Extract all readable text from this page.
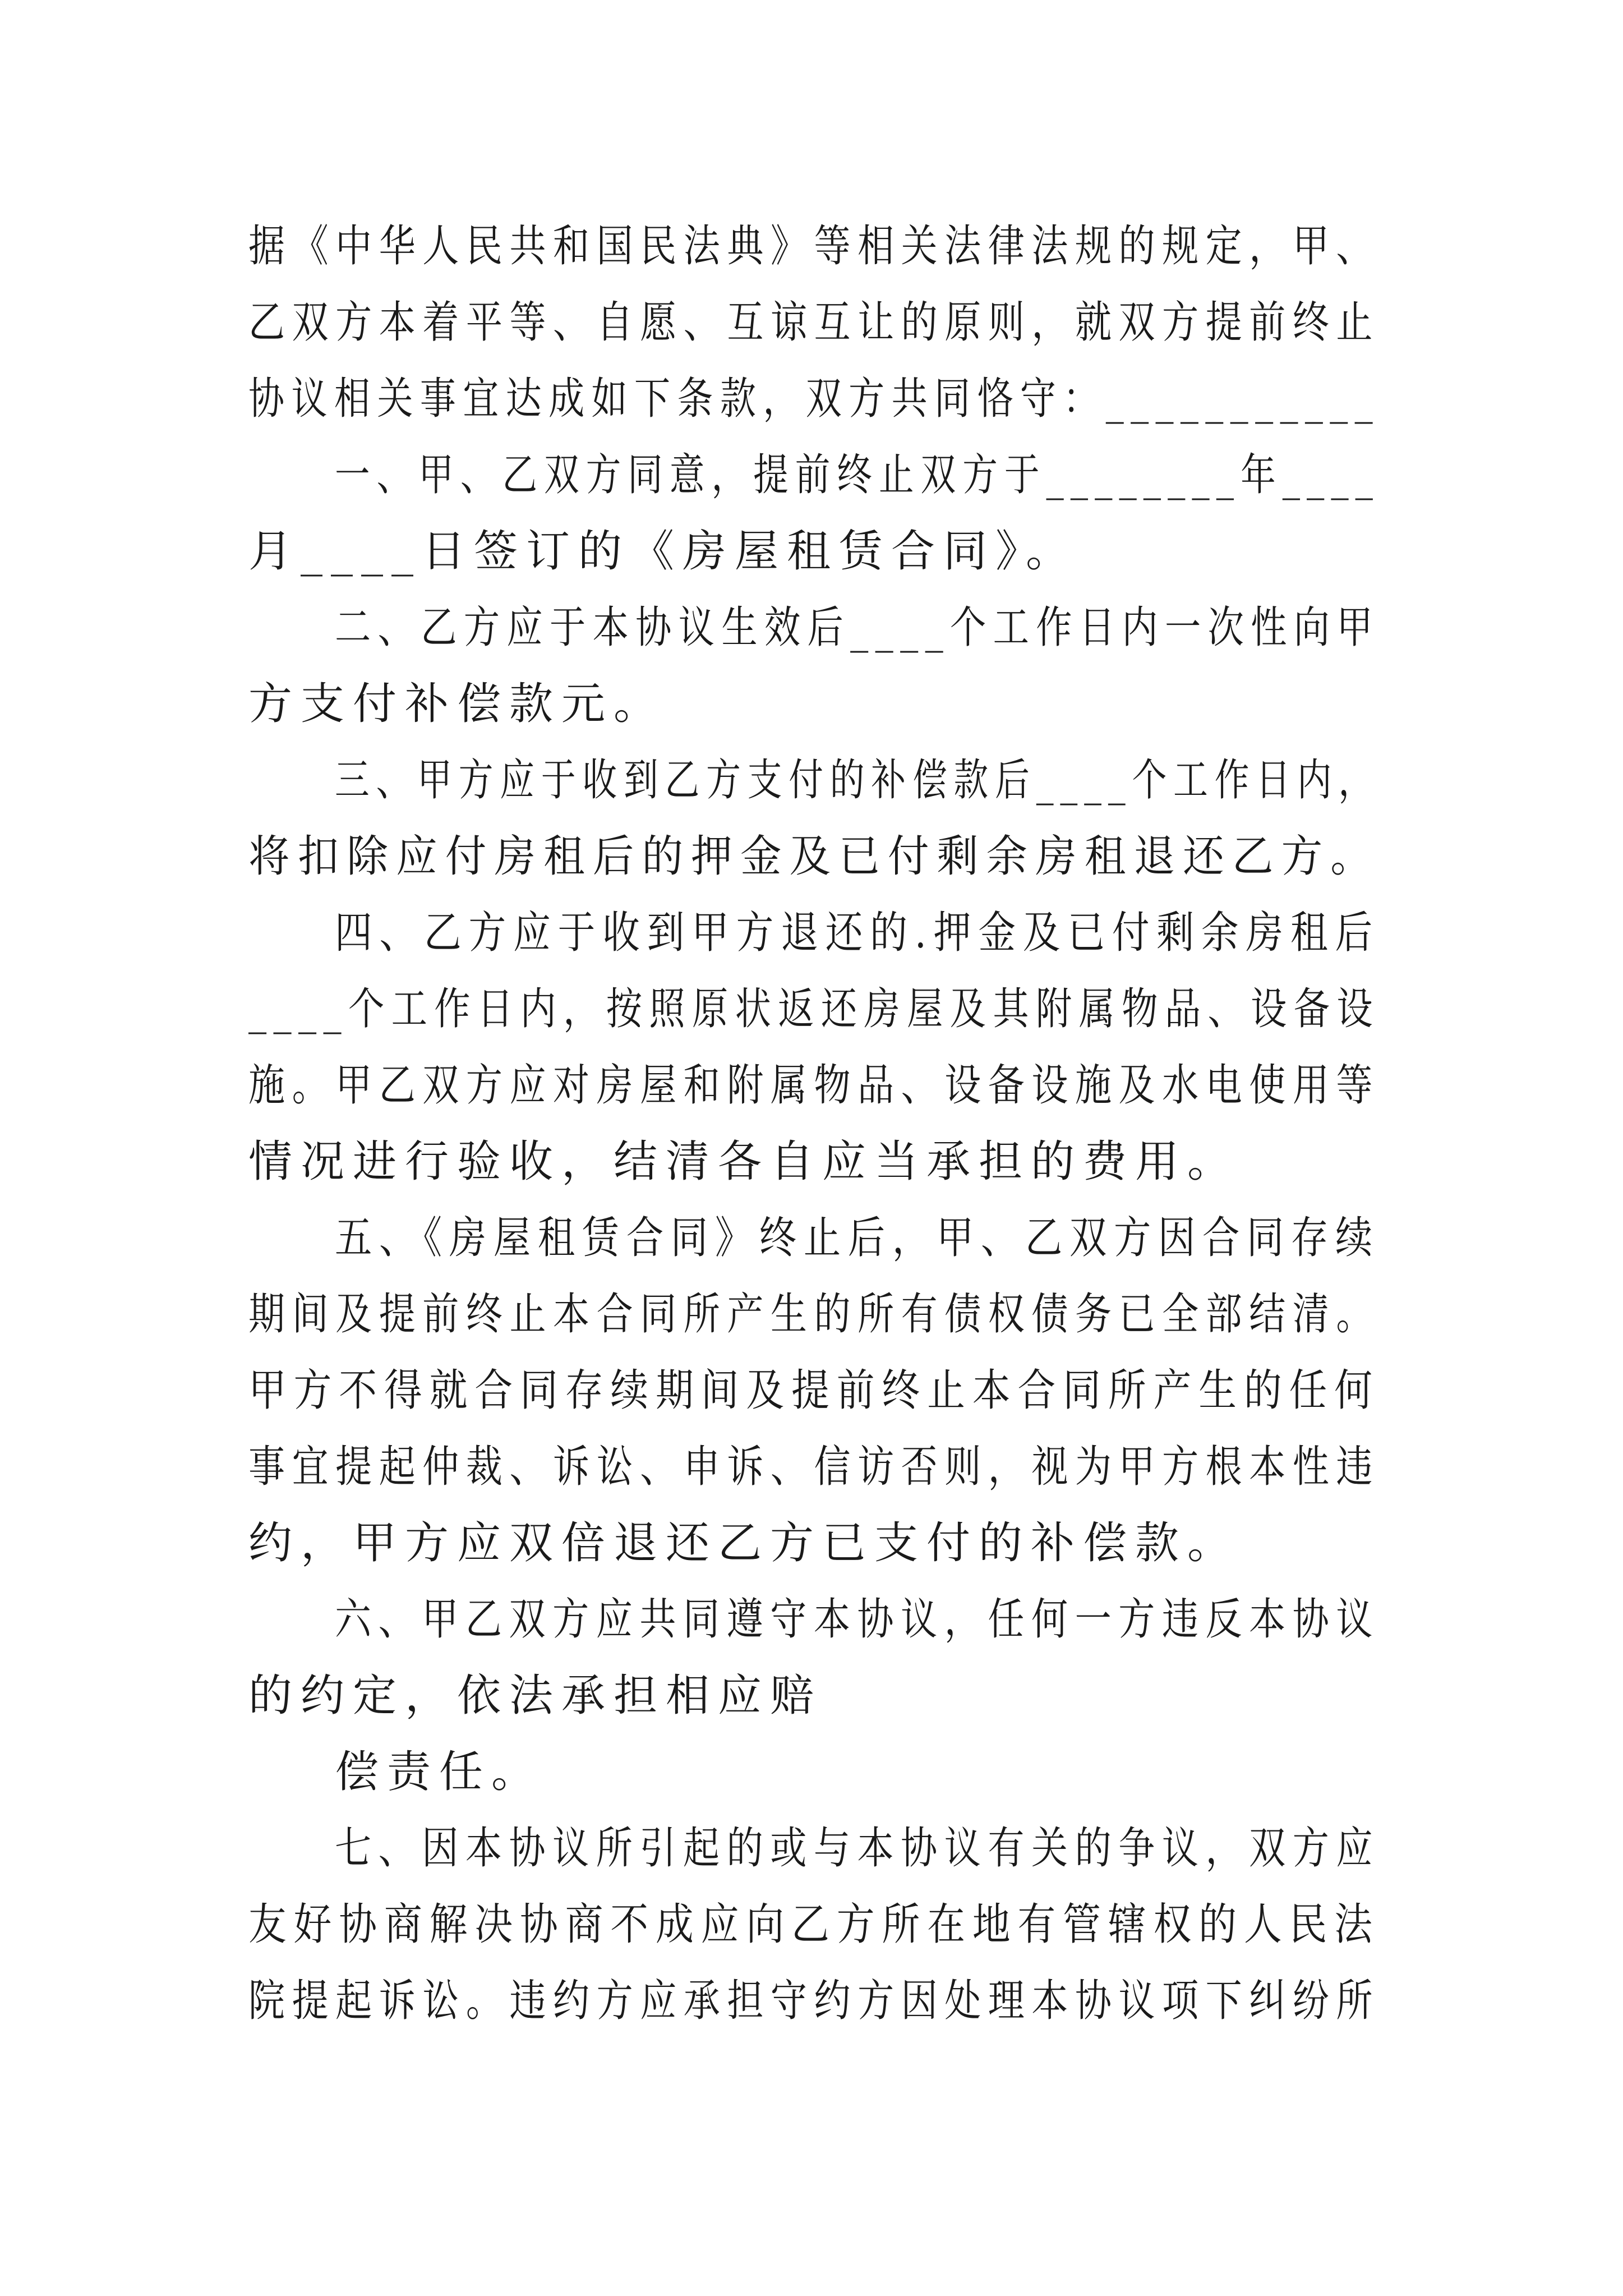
据《中华人民共和国民法典》等相关法律法规的规定，甲、
乙双方本着平等、自愿、互谅互让的原则，就双方提前终止
协议相关事宜达成如下条款，双方共同恪守：___________
一、甲、乙双方同意，提前终止双方于________年____
月____日签订的《房屋租赁合同》。
二、乙方应于本协议生效后____个工作日内一次性向甲
方支付补偿款元。
三、甲方应于收到乙方支付的补偿款后____个工作日内，
将扣除应付房租后的押金及已付剩余房租退还乙方。
四、乙方应于收到甲方退还的.押金及已付剩余房租后
____个工作日内，按照原状返还房屋及其附属物品、设备设
施。甲乙双方应对房屋和附属物品、设备设施及水电使用等
情况进行验收，结清各自应当承担的费用。
五、《房屋租赁合同》终止后，甲、乙双方因合同存续
期间及提前终止本合同所产生的所有债权债务已全部结清。
甲方不得就合同存续期间及提前终止本合同所产生的任何
事宜提起仲裁、诉讼、申诉、信访否则，视为甲方根本性违
约，甲方应双倍退还乙方已支付的补偿款。
六、甲乙双方应共同遵守本协议，任何一方违反本协议
的约定，依法承担相应赔
偿责任。
七、因本协议所引起的或与本协议有关的争议，双方应
友好协商解决协商不成应向乙方所在地有管辖权的人民法
院提起诉讼。违约方应承担守约方因处理本协议项下纠纷所
